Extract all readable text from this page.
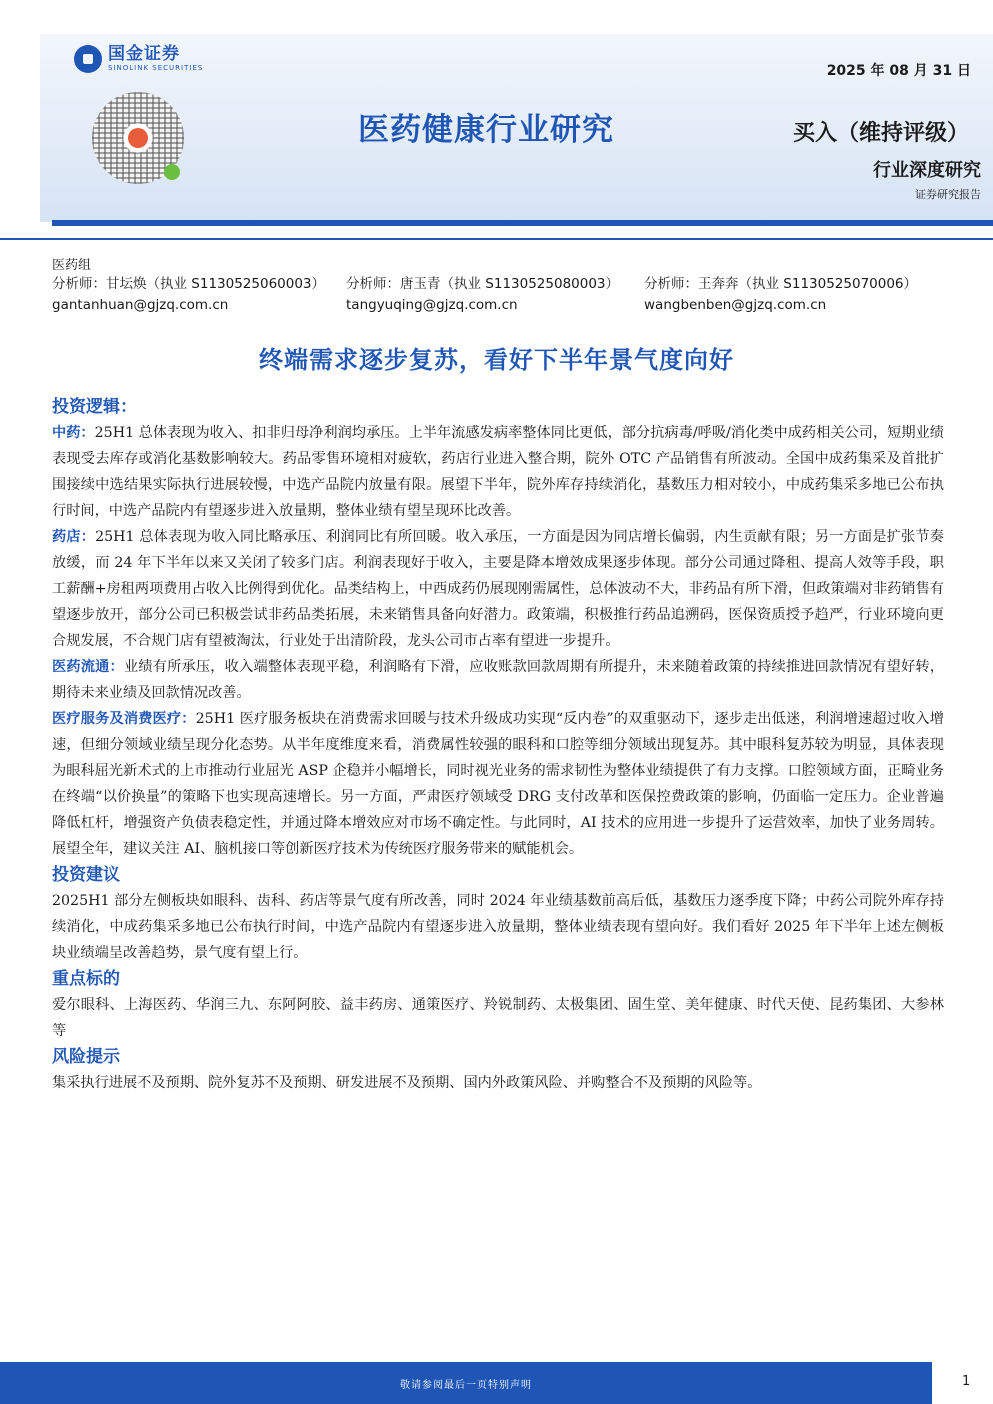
国金证券
SINOLINK SECURITIES	2025 年 08 月 31 日
医药健康行业研究	买入（维持评级）
行业深度研究
证券研究报告
医药组
分析师：甘坛焕（执业 S1130525060003）
gantanhuan@gjzq.com.cn
分析师：唐玉青（执业 S1130525080003）
tangyuqing@gjzq.com.cn
分析师：王奔奔（执业 S1130525070006）
wangbenben@gjzq.com.cn
终端需求逐步复苏，看好下半年景气度向好
投资逻辑：

中药：25H1 总体表现为收入、扣非归母净利润均承压。上半年流感发病率整体同比更低，部分抗病毒/呼吸/消化类中成药相关公司，短期业绩表现受去库存或消化基数影响较大。药品零售环境相对疲软，药店行业进入整合期，院外 OTC 产品销售有所波动。全国中成药集采及首批扩围接续中选结果实际执行进展较慢，中选产品院内放量有限。展望下半年，院外库存持续消化，基数压力相对较小，中成药集采多地已公布执行时间，中选产品院内有望逐步进入放量期，整体业绩有望呈现环比改善。

药店：25H1 总体表现为收入同比略承压、利润同比有所回暖。收入承压，一方面是因为同店增长偏弱，内生贡献有限；另一方面是扩张节奏放缓，而 24 年下半年以来又关闭了较多门店。利润表现好于收入，主要是降本增效成果逐步体现。部分公司通过降租、提高人效等手段，职工薪酬+房租两项费用占收入比例得到优化。品类结构上，中西成药仍展现刚需属性，总体波动不大，非药品有所下滑，但政策端对非药销售有望逐步放开，部分公司已积极尝试非药品类拓展，未来销售具备向好潜力。政策端，积极推行药品追溯码，医保资质授予趋严，行业环境向更合规发展，不合规门店有望被淘汰，行业处于出清阶段，龙头公司市占率有望进一步提升。

医药流通：业绩有所承压，收入端整体表现平稳，利润略有下滑，应收账款回款周期有所提升，未来随着政策的持续推进回款情况有望好转，期待未来业绩及回款情况改善。

医疗服务及消费医疗：25H1 医疗服务板块在消费需求回暖与技术升级成功实现“反内卷”的双重驱动下，逐步走出低迷，利润增速超过收入增速，但细分领域业绩呈现分化态势。从半年度维度来看，消费属性较强的眼科和口腔等细分领域出现复苏。其中眼科复苏较为明显，具体表现为眼科屈光新术式的上市推动行业屈光 ASP 企稳并小幅增长，同时视光业务的需求韧性为整体业绩提供了有力支撑。口腔领域方面，正畸业务在终端“以价换量”的策略下也实现高速增长。另一方面，严肃医疗领域受 DRG 支付改革和医保控费政策的影响，仍面临一定压力。企业普遍降低杠杆，增强资产负债表稳定性，并通过降本增效应对市场不确定性。与此同时，AI 技术的应用进一步提升了运营效率，加快了业务周转。展望全年，建议关注 AI、脑机接口等创新医疗技术为传统医疗服务带来的赋能机会。

投资建议

2025H1 部分左侧板块如眼科、齿科、药店等景气度有所改善，同时 2024 年业绩基数前高后低，基数压力逐季度下降；中药公司院外库存持续消化，中成药集采多地已公布执行时间，中选产品院内有望逐步进入放量期，整体业绩表现有望向好。我们看好 2025 年下半年上述左侧板块业绩端呈改善趋势，景气度有望上行。

重点标的

爱尔眼科、上海医药、华润三九、东阿阿胶、益丰药房、通策医疗、羚锐制药、太极集团、固生堂、美年健康、时代天使、昆药集团、大参林等

风险提示

集采执行进展不及预期、院外复苏不及预期、研发进展不及预期、国内外政策风险、并购整合不及预期的风险等。

敬请参阅最后一页特别声明	1
